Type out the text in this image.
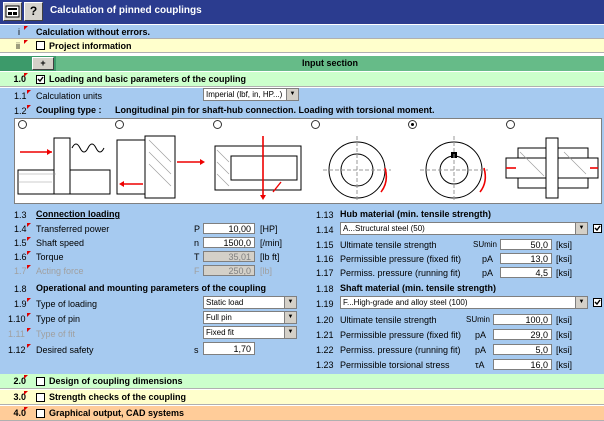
?	Calculation of pinned couplings
i Calculation without errors.
ii	Project information
+	Input section
1.0	Loading and basic parameters of the coupling
1.1 Calculation units	Imperial (lbf, in, HP...)	▼
1.2 Coupling type : Longitudinal pin for shaft-hub connection. Loading with torsional moment.
1.3 Connection loading
1.4 Transferred power	P	10,00	[HP]
1.5 Shaft speed	n	1500,0	[/min]
1.6 Torque	T	35,01	[lb ft]
1.7 Acting force	F	250,0	[lb]
1.8 Operational and mounting parameters of the coupling
1.9 Type of loading	Static load	▼
1.10 Type of pin	Full pin	▼
1.11 Type of fit	Fixed fit	▼
1.12 Desired safety	s	1,70
1.13 Hub material (min. tensile strength)
1.14	A...Structural steel (50)	▼
1.15 Ultimate tensile strength	SUmin	50,0 [ksi]
1.16 Permissible pressure (fixed fit) pA	13,0 [ksi]
1.17 Permiss. pressure (running fit) pA	4,5 [ksi]
1.18 Shaft material (min. tensile strength)
1.19	F...High-grade and alloy steel (100)	▼
1.20 Ultimate tensile strength	SUmin	100,0 [ksi]
1.21 Permissible pressure (fixed fit) pA	29,0 [ksi]
1.22 Permiss. pressure (running fit) pA	5,0 [ksi]
1.23 Permissible torsional stress	τA	16,0 [ksi]
2.0	Design of coupling dimensions
3.0	Strength checks of the coupling
4.0	Graphical output, CAD systems
